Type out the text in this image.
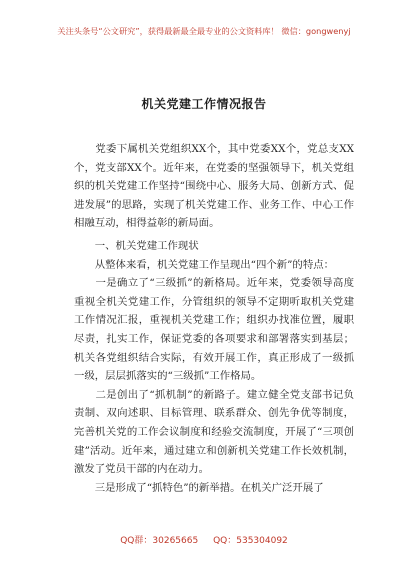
关注头条号“公文研究”，获得最新最全最专业的公文资料库！ 微信：gongwenyj
机关党建工作情况报告

　　党委下属机关党组织XX个，其中党委XX个，党总支XX个，党支部XX个。近年来，在党委的坚强领导下，机关党组织的机关党建工作坚持“围绕中心、服务大局、创新方式、促进发展”的思路，实现了机关党建工作、业务工作、中心工作相融互动，相得益彰的新局面。

　　一、机关党建工作现状

　　从整体来看，机关党建工作呈现出“四个新”的特点：

　　一是确立了“三级抓”的新格局。近年来，党委领导高度重视全机关党建工作，分管组织的领导不定期听取机关党建工作情况汇报，重视机关党建工作；组织办找准位置，履职尽责，扎实工作，保证党委的各项要求和部署落实到基层；机关各党组织结合实际，有效开展工作，真正形成了一级抓一级，层层抓落实的“三级抓”工作格局。

　　二是创出了“抓机制”的新路子。建立健全党支部书记负责制、双向述职、目标管理、联系群众、创先争优等制度，完善机关党的工作会议制度和经验交流制度，开展了“三项创建”活动。近年来，通过建立和创新机关党建工作长效机制，激发了党员干部的内在动力。

　　三是形成了“抓特色”的新举措。在机关广泛开展了

QQ群：30265665 QQ：535304092
